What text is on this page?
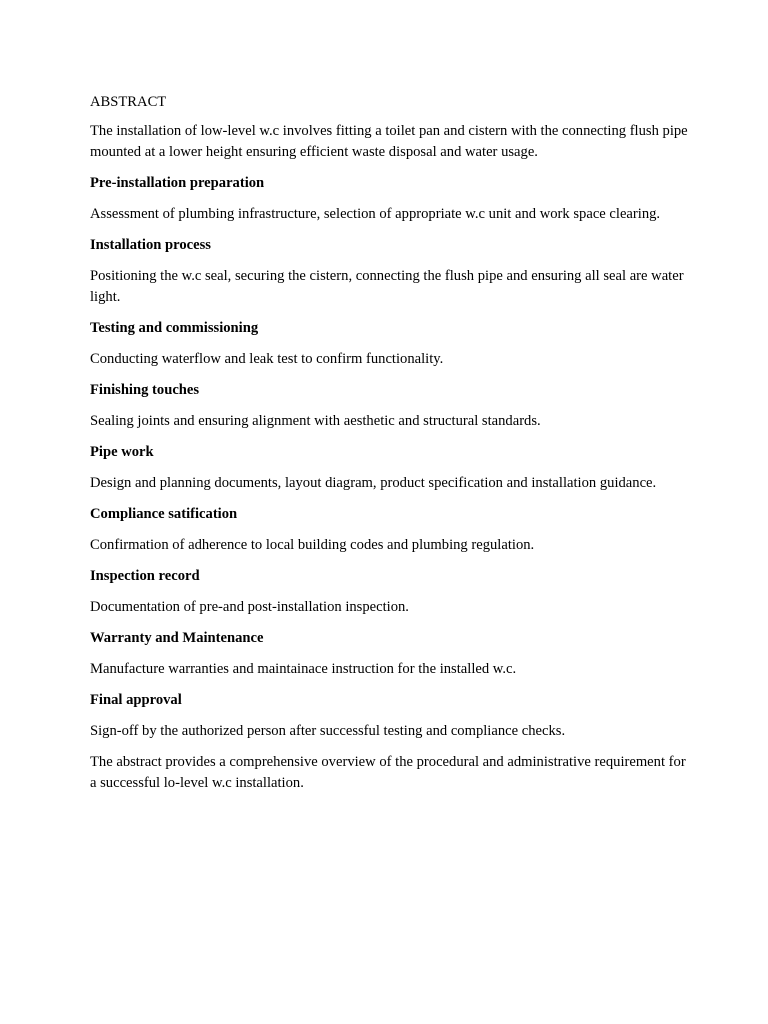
ABSTRACT

The installation of low-level w.c involves fitting a toilet pan and cistern with the connecting flush pipe mounted at a lower height ensuring efficient waste disposal and water usage.

Pre-installation preparation

Assessment of plumbing infrastructure, selection of appropriate w.c unit and work space clearing.

Installation process

Positioning the w.c seal, securing the cistern, connecting the flush pipe and ensuring all seal are water light.

Testing and commissioning

Conducting waterflow and leak test to confirm functionality.

Finishing touches

Sealing joints and ensuring alignment with aesthetic and structural standards.

Pipe work

Design and planning documents, layout diagram, product specification and installation guidance.

Compliance satification

Confirmation of adherence to local building codes and plumbing regulation.

Inspection record

Documentation of pre-and post-installation inspection.

Warranty and Maintenance

Manufacture warranties and maintainace instruction for the installed w.c.

Final approval

Sign-off by the authorized person after successful testing and compliance checks.

The abstract provides a comprehensive overview of the procedural and administrative requirement for a successful lo-level w.c installation.
